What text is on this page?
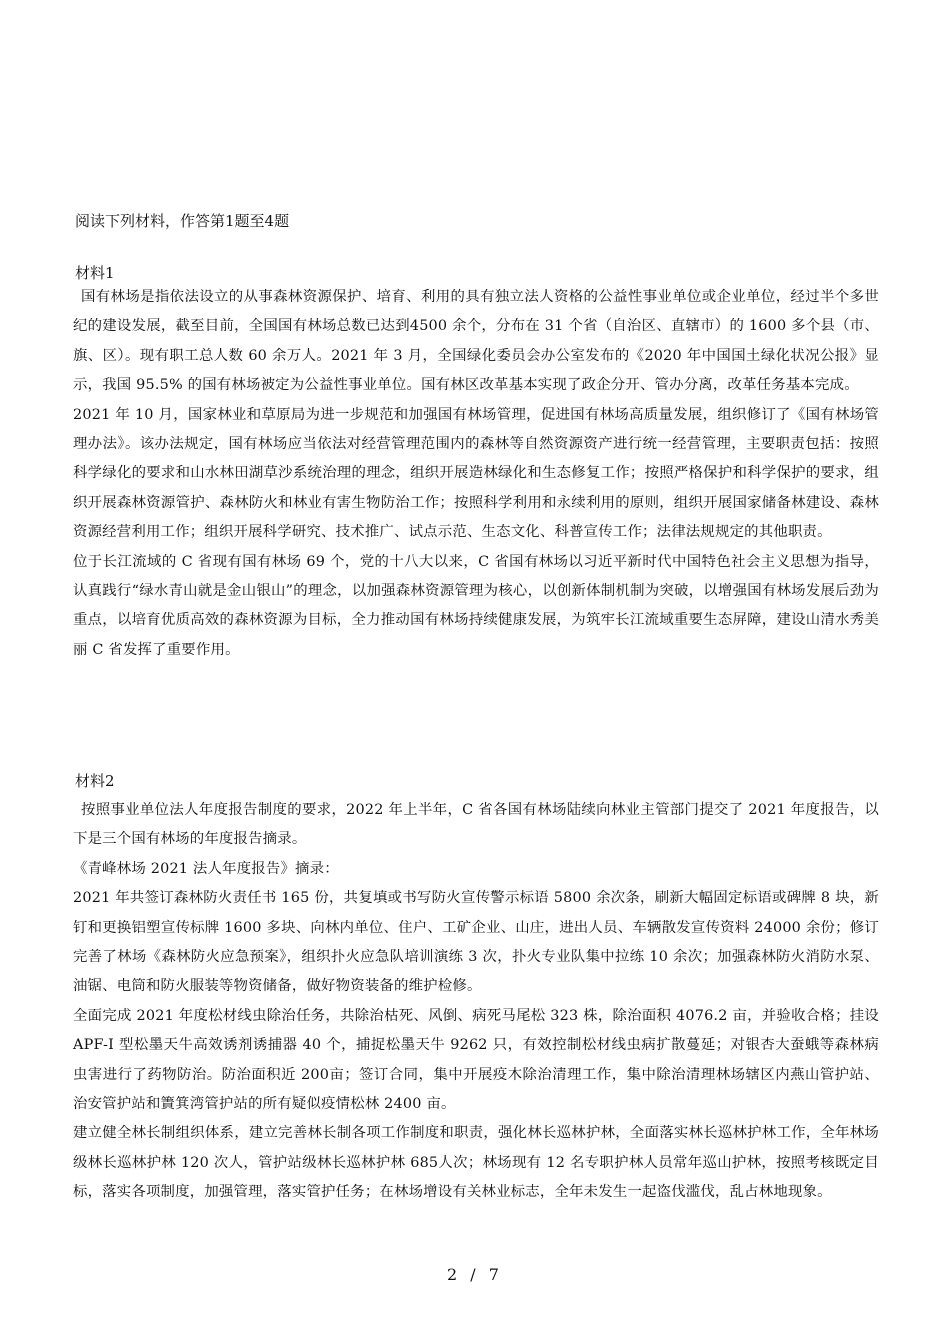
阅读下列材料，作答第1题至4题
材料1

国有林场是指依法设立的从事森林资源保护、培育、利用的具有独立法人资格的公益性事业单位或企业单位，经过半个多世纪的建设发展，截至目前，全国国有林场总数已达到4500 余个，分布在 31 个省（自治区、直辖市）的 1600 多个县（市、旗、区）。现有职工总人数 60 余万人。2021 年 3 月，全国绿化委员会办公室发布的《2020 年中国国土绿化状况公报》显示，我国 95.5% 的国有林场被定为公益性事业单位。国有林区改革基本实现了政企分开、管办分离，改革任务基本完成。

2021 年 10 月，国家林业和草原局为进一步规范和加强国有林场管理，促进国有林场高质量发展，组织修订了《国有林场管理办法》。该办法规定，国有林场应当依法对经营管理范围内的森林等自然资源资产进行统一经营管理，主要职责包括：按照科学绿化的要求和山水林田湖草沙系统治理的理念，组织开展造林绿化和生态修复工作；按照严格保护和科学保护的要求，组织开展森林资源管护、森林防火和林业有害生物防治工作；按照科学利用和永续利用的原则，组织开展国家储备林建设、森林资源经营利用工作；组织开展科学研究、技术推广、试点示范、生态文化、科普宣传工作；法律法规规定的其他职责。

位于长江流域的 C 省现有国有林场 69 个，党的十八大以来，C 省国有林场以习近平新时代中国特色社会主义思想为指导，认真践行“绿水青山就是金山银山”的理念，以加强森林资源管理为核心，以创新体制机制为突破，以增强国有林场发展后劲为重点，以培育优质高效的森林资源为目标，全力推动国有林场持续健康发展，为筑牢长江流域重要生态屏障，建设山清水秀美丽 C 省发挥了重要作用。

材料2

按照事业单位法人年度报告制度的要求，2022 年上半年，C 省各国有林场陆续向林业主管部门提交了 2021 年度报告，以下是三个国有林场的年度报告摘录。

《青峰林场 2021 法人年度报告》摘录：

2021 年共签订森林防火责任书 165 份，共复填或书写防火宣传警示标语 5800 余次条，刷新大幅固定标语或碑牌 8 块，新钉和更换铝塑宣传标牌 1600 多块、向林内单位、住户、工矿企业、山庄，进出人员、车辆散发宣传资料 24000 余份；修订完善了林场《森林防火应急预案》，组织扑火应急队培训演练 3 次，扑火专业队集中拉练 10 余次；加强森林防火消防水泵、油锯、电筒和防火服装等物资储备，做好物资装备的维护检修。

全面完成 2021 年度松材线虫除治任务，共除治枯死、风倒、病死马尾松 323 株，除治面积 4076.2 亩，并验收合格；挂设 APF-I 型松墨天牛高效诱剂诱捕器 40 个，捕捉松墨天牛 9262 只，有效控制松材线虫病扩散蔓延；对银杏大蚕蛾等森林病虫害进行了药物防治。防治面积近 200亩；签订合同，集中开展疫木除治清理工作，集中除治清理林场辖区内燕山管护站、治安管护站和簀箕湾管护站的所有疑似疫情松林 2400 亩。

建立健全林长制组织体系，建立完善林长制各项工作制度和职责，强化林长巡林护林，全面落实林长巡林护林工作，全年林场级林长巡林护林 120 次人，管护站级林长巡林护林 685人次；林场现有 12 名专职护林人员常年巡山护林，按照考核既定目标，落实各项制度，加强管理，落实管护任务；在林场增设有关林业标志，全年未发生一起盗伐滥伐，乱占林地现象。

2 / 7
